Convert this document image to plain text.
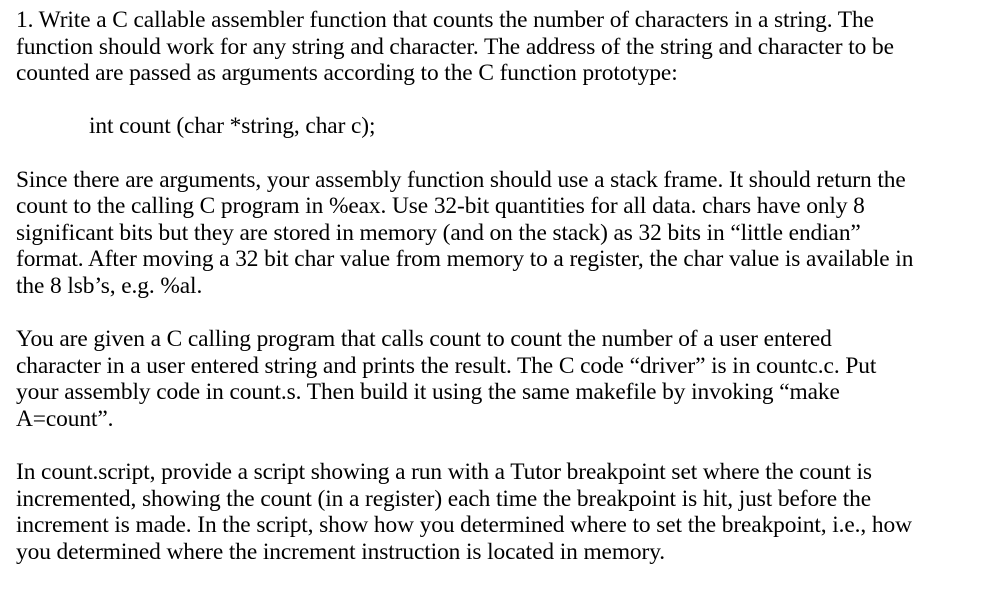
1. Write a C callable assembler function that counts the number of characters in a string. The
function should work for any string and character. The address of the string and character to be
counted are passed as arguments according to the C function prototype:
int count (char *string, char c);
Since there are arguments, your assembly function should use a stack frame. It should return the
count to the calling C program in %eax. Use 32-bit quantities for all data. chars have only 8
significant bits but they are stored in memory (and on the stack) as 32 bits in “little endian”
format. After moving a 32 bit char value from memory to a register, the char value is available in
the 8 lsb’s, e.g. %al.
You are given a C calling program that calls count to count the number of a user entered
character in a user entered string and prints the result. The C code “driver” is in countc.c. Put
your assembly code in count.s. Then build it using the same makefile by invoking “make
A=count”.
In count.script, provide a script showing a run with a Tutor breakpoint set where the count is
incremented, showing the count (in a register) each time the breakpoint is hit, just before the
increment is made. In the script, show how you determined where to set the breakpoint, i.e., how
you determined where the increment instruction is located in memory.
